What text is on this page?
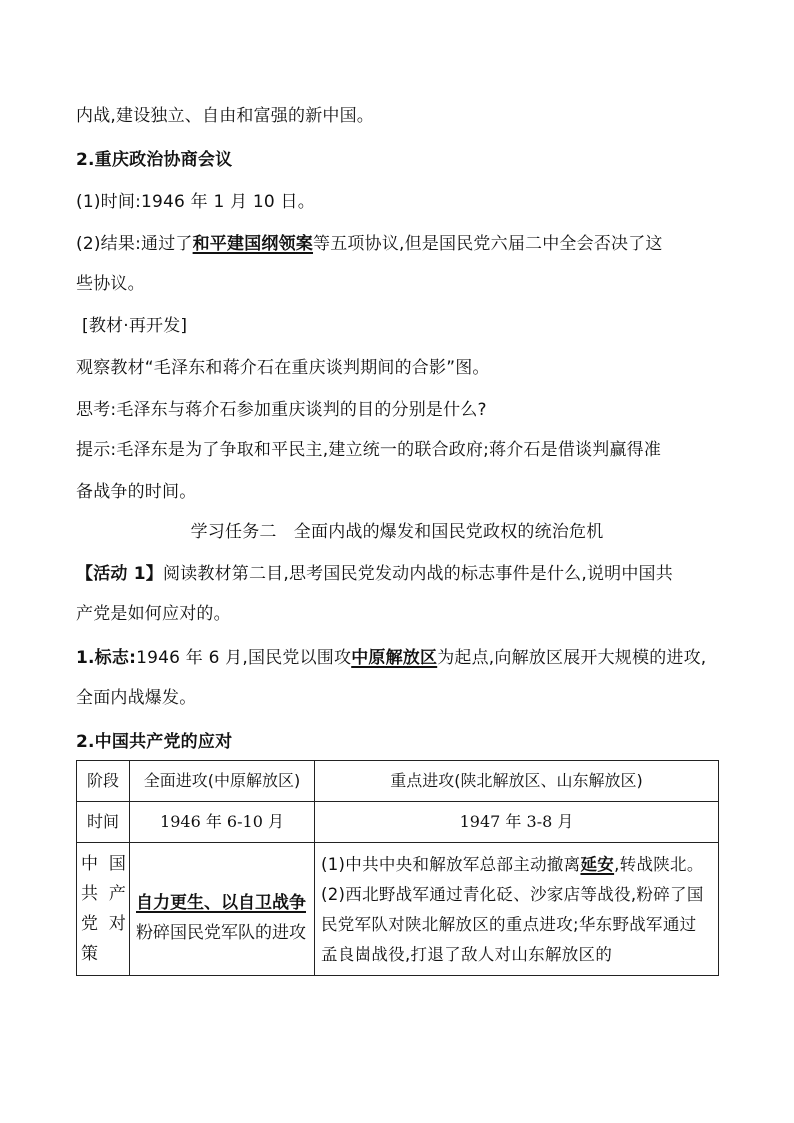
内战,建设独立、自由和富强的新中国。
2.重庆政治协商会议
(1)时间:1946 年 1 月 10 日。
(2)结果:通过了和平建国纲领案等五项协议,但是国民党六届二中全会否决了这
些协议。
[教材·再开发]
观察教材“毛泽东和蒋介石在重庆谈判期间的合影”图。
思考:毛泽东与蒋介石参加重庆谈判的目的分别是什么?
提示:毛泽东是为了争取和平民主,建立统一的联合政府;蒋介石是借谈判赢得准
备战争的时间。
学习任务二　全面内战的爆发和国民党政权的统治危机
【活动 1】阅读教材第二目,思考国民党发动内战的标志事件是什么,说明中国共
产党是如何应对的。
1.标志:1946 年 6 月,国民党以围攻中原解放区为起点,向解放区展开大规模的进攻,
全面内战爆发。
2.中国共产党的应对
阶段	全面进攻(中原解放区)	重点进攻(陕北解放区、山东解放区)
时间	1946 年 6-10 月	1947 年 3-8 月

中 国
共 产
党 对
策	自力更生、以自卫战争粉碎国民党军队的进攻	(1)中共中央和解放军总部主动撤离延安,转战陕北。(2)西北野战军通过青化砭、沙家店等战役,粉碎了国民党军队对陕北解放区的重点进攻;华东野战军通过孟良崮战役,打退了敌人对山东解放区的
